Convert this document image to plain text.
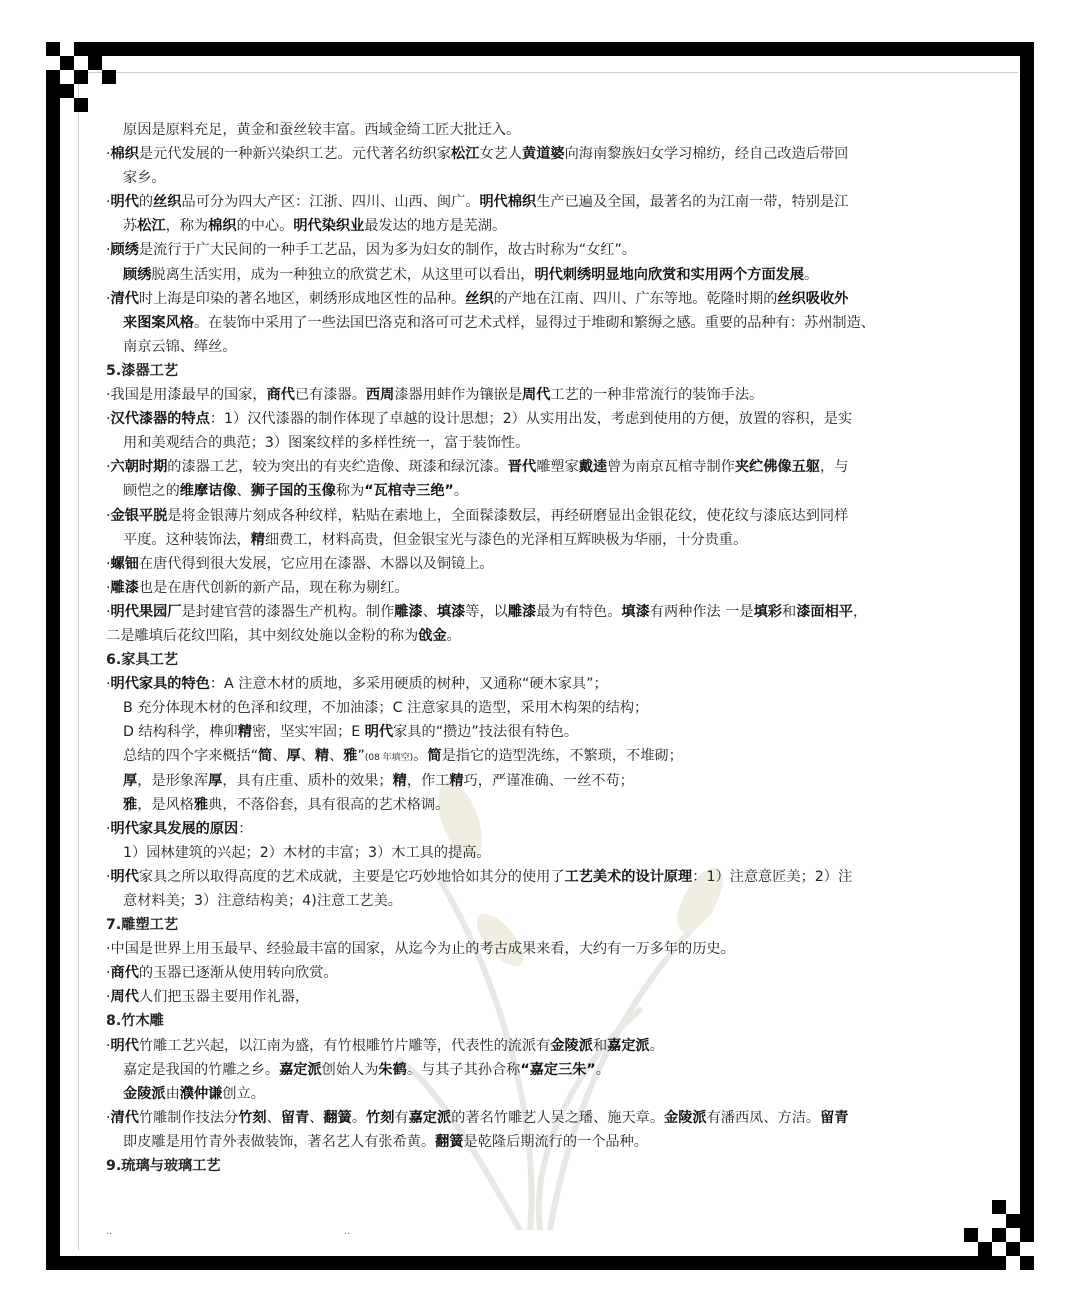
原因是原料充足，黄金和蚕丝较丰富。西域金绮工匠大批迁入。
·棉织是元代发展的一种新兴染织工艺。元代著名纺织家松江女艺人黄道婆向海南黎族妇女学习棉纺，经自己改造后带回
家乡。
·明代的丝织品可分为四大产区：江浙、四川、山西、闽广。明代棉织生产已遍及全国，最著名的为江南一带，特别是江
苏松江，称为棉织的中心。明代染织业最发达的地方是芜湖。
·顾绣是流行于广大民间的一种手工艺品，因为多为妇女的制作，故古时称为“女红”。
顾绣脱离生活实用，成为一种独立的欣赏艺术，从这里可以看出，明代刺绣明显地向欣赏和实用两个方面发展。
·清代时上海是印染的著名地区，刺绣形成地区性的品种。丝织的产地在江南、四川、广东等地。乾隆时期的丝织吸收外
来图案风格。在装饰中采用了一些法国巴洛克和洛可可艺术式样，显得过于堆砌和繁缛之感。重要的品种有：苏州制造、
南京云锦、缂丝。
5.漆器工艺
·我国是用漆最早的国家，商代已有漆器。西周漆器用蚌作为镶嵌是周代工艺的一种非常流行的装饰手法。
·汉代漆器的特点：1）汉代漆器的制作体现了卓越的设计思想；2）从实用出发，考虑到使用的方便，放置的容积，是实
用和美观结合的典范；3）图案纹样的多样性统一，富于装饰性。
·六朝时期的漆器工艺，较为突出的有夹纻造像、斑漆和绿沉漆。晋代雕塑家戴逵曾为南京瓦棺寺制作夹纻佛像五躯，与
顾恺之的维摩诘像、狮子国的玉像称为“瓦棺寺三绝”。
·金银平脱是将金银薄片刻成各种纹样，粘贴在素地上，全面髹漆数层，再经研磨显出金银花纹，使花纹与漆底达到同样
平度。这种装饰法，精细费工，材料高贵，但金银宝光与漆色的光泽相互辉映极为华丽，十分贵重。
·螺钿在唐代得到很大发展，它应用在漆器、木器以及铜镜上。
·雕漆也是在唐代创新的新产品，现在称为剔红。
·明代果园厂是封建官营的漆器生产机构。制作雕漆、填漆等，以雕漆最为有特色。填漆有两种作法 一是填彩和漆面相平，
二是雕填后花纹凹陷，其中刻纹处施以金粉的称为戗金。
6.家具工艺
·明代家具的特色：A 注意木材的质地，多采用硬质的树种，又通称“硬木家具”；
B 充分体现木材的色泽和纹理，不加油漆；C 注意家具的造型，采用木构架的结构；
D 结构科学，榫卯精密，坚实牢固；E 明代家具的“攒边”技法很有特色。
总结的四个字来概括“简、厚、精、雅”(08 年填空)。简是指它的造型洗练，不繁琐，不堆砌；
厚，是形象浑厚，具有庄重、质朴的效果；精，作工精巧，严谨准确、一丝不苟；
雅，是风格雅典，不落俗套，具有很高的艺术格调。
·明代家具发展的原因：
1）园林建筑的兴起；2）木材的丰富；3）木工具的提高。
·明代家具之所以取得高度的艺术成就，主要是它巧妙地恰如其分的使用了工艺美术的设计原理：1）注意意匠美；2）注
意材料美；3）注意结构美；4)注意工艺美。
7.雕塑工艺
·中国是世界上用玉最早、经验最丰富的国家，从迄今为止的考古成果来看，大约有一万多年的历史。
·商代的玉器已逐渐从使用转向欣赏。
·周代人们把玉器主要用作礼器，
8.竹木雕
·明代竹雕工艺兴起，以江南为盛，有竹根雕竹片雕等，代表性的流派有金陵派和嘉定派。
嘉定是我国的竹雕之乡。嘉定派创始人为朱鹤。与其子其孙合称“嘉定三朱”。
金陵派由濮仲谦创立。
·清代竹雕制作技法分竹刻、留青、翻簧。竹刻有嘉定派的著名竹雕艺人吴之璠、施天章。金陵派有潘西凤、方洁。留青
即皮雕是用竹青外表做装饰，著名艺人有张希黄。翻簧是乾隆后期流行的一个品种。
9.琉璃与玻璃工艺
..	..
